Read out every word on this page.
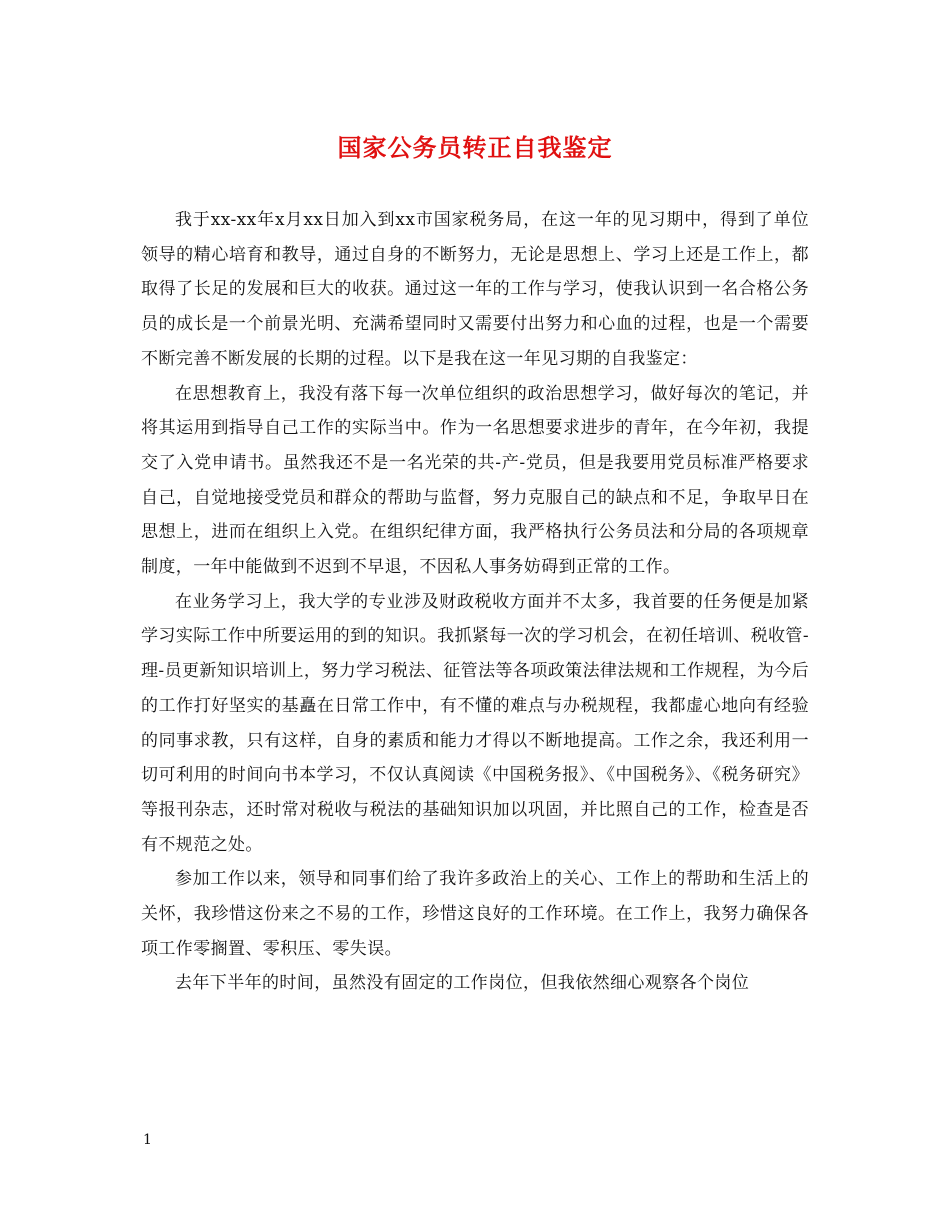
国家公务员转正自我鉴定

我于xx-xx年x月xx日加入到xx市国家税务局，在这一年的见习期中，得到了单位领导的精心培育和教导，通过自身的不断努力，无论是思想上、学习上还是工作上，都取得了长足的发展和巨大的收获。通过这一年的工作与学习，使我认识到一名合格公务员的成长是一个前景光明、充满希望同时又需要付出努力和心血的过程，也是一个需要不断完善不断发展的长期的过程。以下是我在这一年见习期的自我鉴定：

在思想教育上，我没有落下每一次单位组织的政治思想学习，做好每次的笔记，并将其运用到指导自己工作的实际当中。作为一名思想要求进步的青年，在今年初，我提交了入党申请书。虽然我还不是一名光荣的共-产-党员，但是我要用党员标准严格要求自己，自觉地接受党员和群众的帮助与监督，努力克服自己的缺点和不足，争取早日在思想上，进而在组织上入党。在组织纪律方面，我严格执行公务员法和分局的各项规章制度，一年中能做到不迟到不早退，不因私人事务妨碍到正常的工作。

在业务学习上，我大学的专业涉及财政税收方面并不太多，我首要的任务便是加紧学习实际工作中所要运用的到的知识。我抓紧每一次的学习机会，在初任培训、税收管-理-员更新知识培训上，努力学习税法、征管法等各项政策法律法规和工作规程，为今后的工作打好坚实的基矗在日常工作中，有不懂的难点与办税规程，我都虚心地向有经验的同事求教，只有这样，自身的素质和能力才得以不断地提高。工作之余，我还利用一切可利用的时间向书本学习，不仅认真阅读《中国税务报》、《中国税务》、《税务研究》等报刊杂志，还时常对税收与税法的基础知识加以巩固，并比照自己的工作，检查是否有不规范之处。

参加工作以来，领导和同事们给了我许多政治上的关心、工作上的帮助和生活上的关怀，我珍惜这份来之不易的工作，珍惜这良好的工作环境。在工作上，我努力确保各项工作零搁置、零积压、零失误。

去年下半年的时间，虽然没有固定的工作岗位，但我依然细心观察各个岗位

1
